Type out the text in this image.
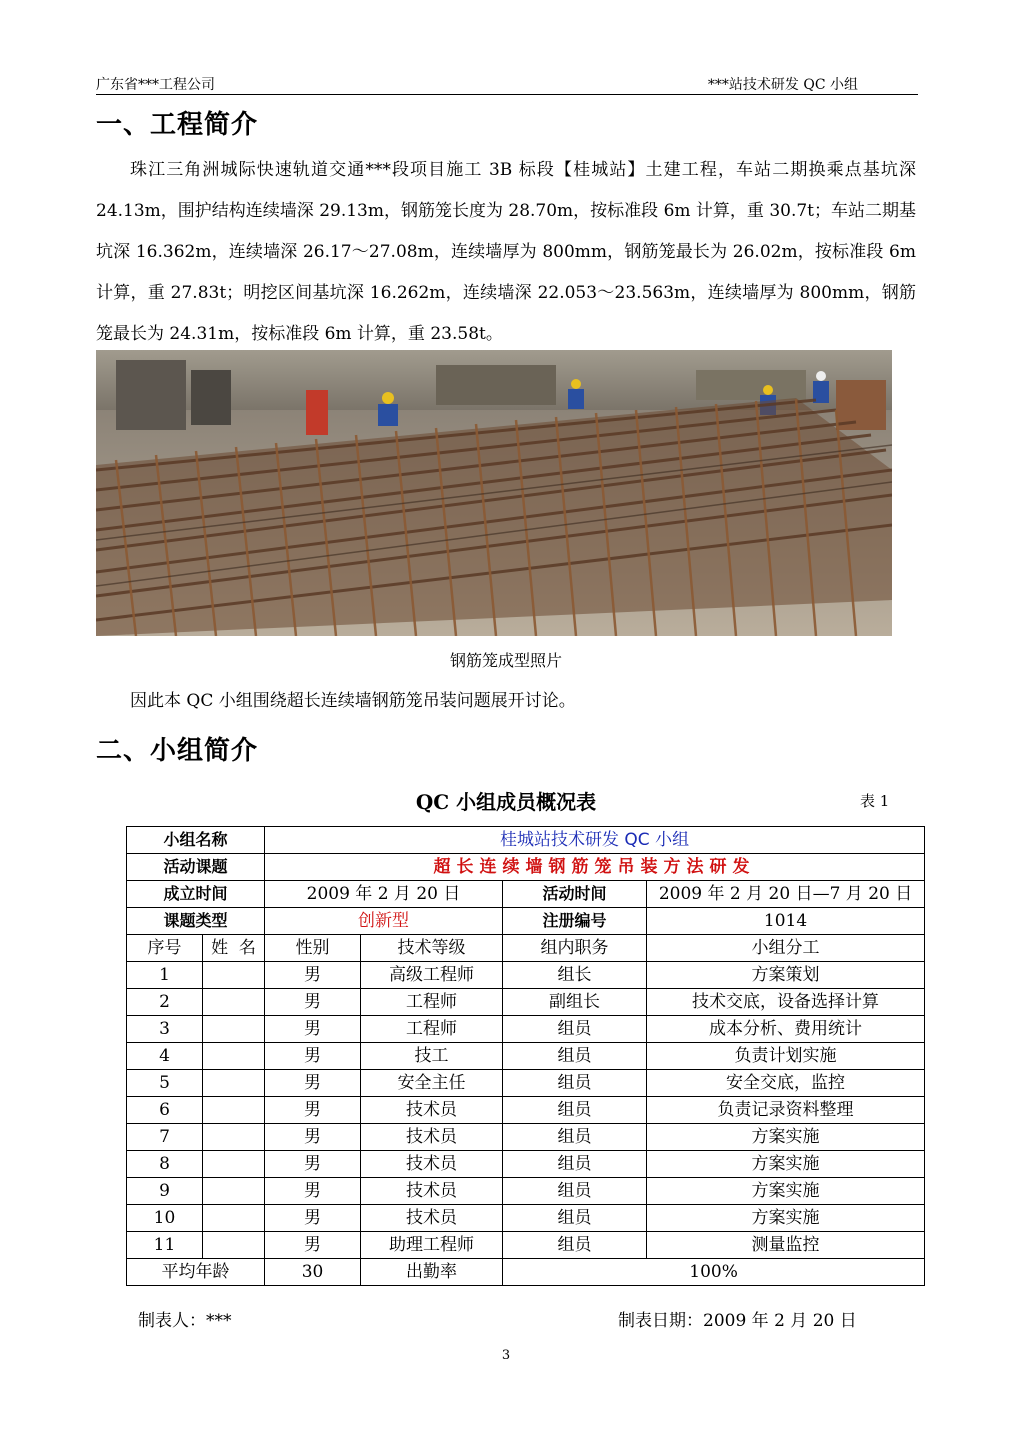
广东省***工程公司	***站技术研发 QC 小组
一、工程简介

珠江三角洲城际快速轨道交通***段项目施工 3B 标段【桂城站】土建工程，车站二期换乘点基坑深 24.13m，围护结构连续墙深 29.13m，钢筋笼长度为 28.70m，按标准段 6m 计算，重 30.7t；车站二期基坑深 16.362m，连续墙深 26.17～27.08m，连续墙厚为 800mm，钢筋笼最长为 26.02m，按标准段 6m 计算，重 27.83t；明挖区间基坑深 16.262m，连续墙深 22.053～23.563m，连续墙厚为 800mm，钢筋笼最长为 24.31m，按标准段 6m 计算，重 23.58t。

钢筋笼成型照片
因此本 QC 小组围绕超长连续墙钢筋笼吊装问题展开讨论。
二、小组简介
QC 小组成员概况表	表 1
小组名称		桂城站技术研发 QC 小组			
活动课题		超长连续墙钢筋笼吊装方法研发			
成立时间		2009 年 2 月 20 日		活动时间	2009 年 2 月 20 日—7 月 20 日
课题类型		创新型		注册编号	1014
序号	姓  名	性别	技术等级	组内职务	小组分工
1		男	高级工程师	组长	方案策划
2		男	工程师	副组长	技术交底，设备选择计算
3		男	工程师	组员	成本分析、费用统计
4		男	技工	组员	负责计划实施
5		男	安全主任	组员	安全交底，监控
6		男	技术员	组员	负责记录资料整理
7		男	技术员	组员	方案实施
8		男	技术员	组员	方案实施
9		男	技术员	组员	方案实施
10		男	技术员	组员	方案实施
11		男	助理工程师	组员	测量监控
平均年龄		30	出勤率	100%	
制表人：***	制表日期：2009 年 2 月 20 日
3
